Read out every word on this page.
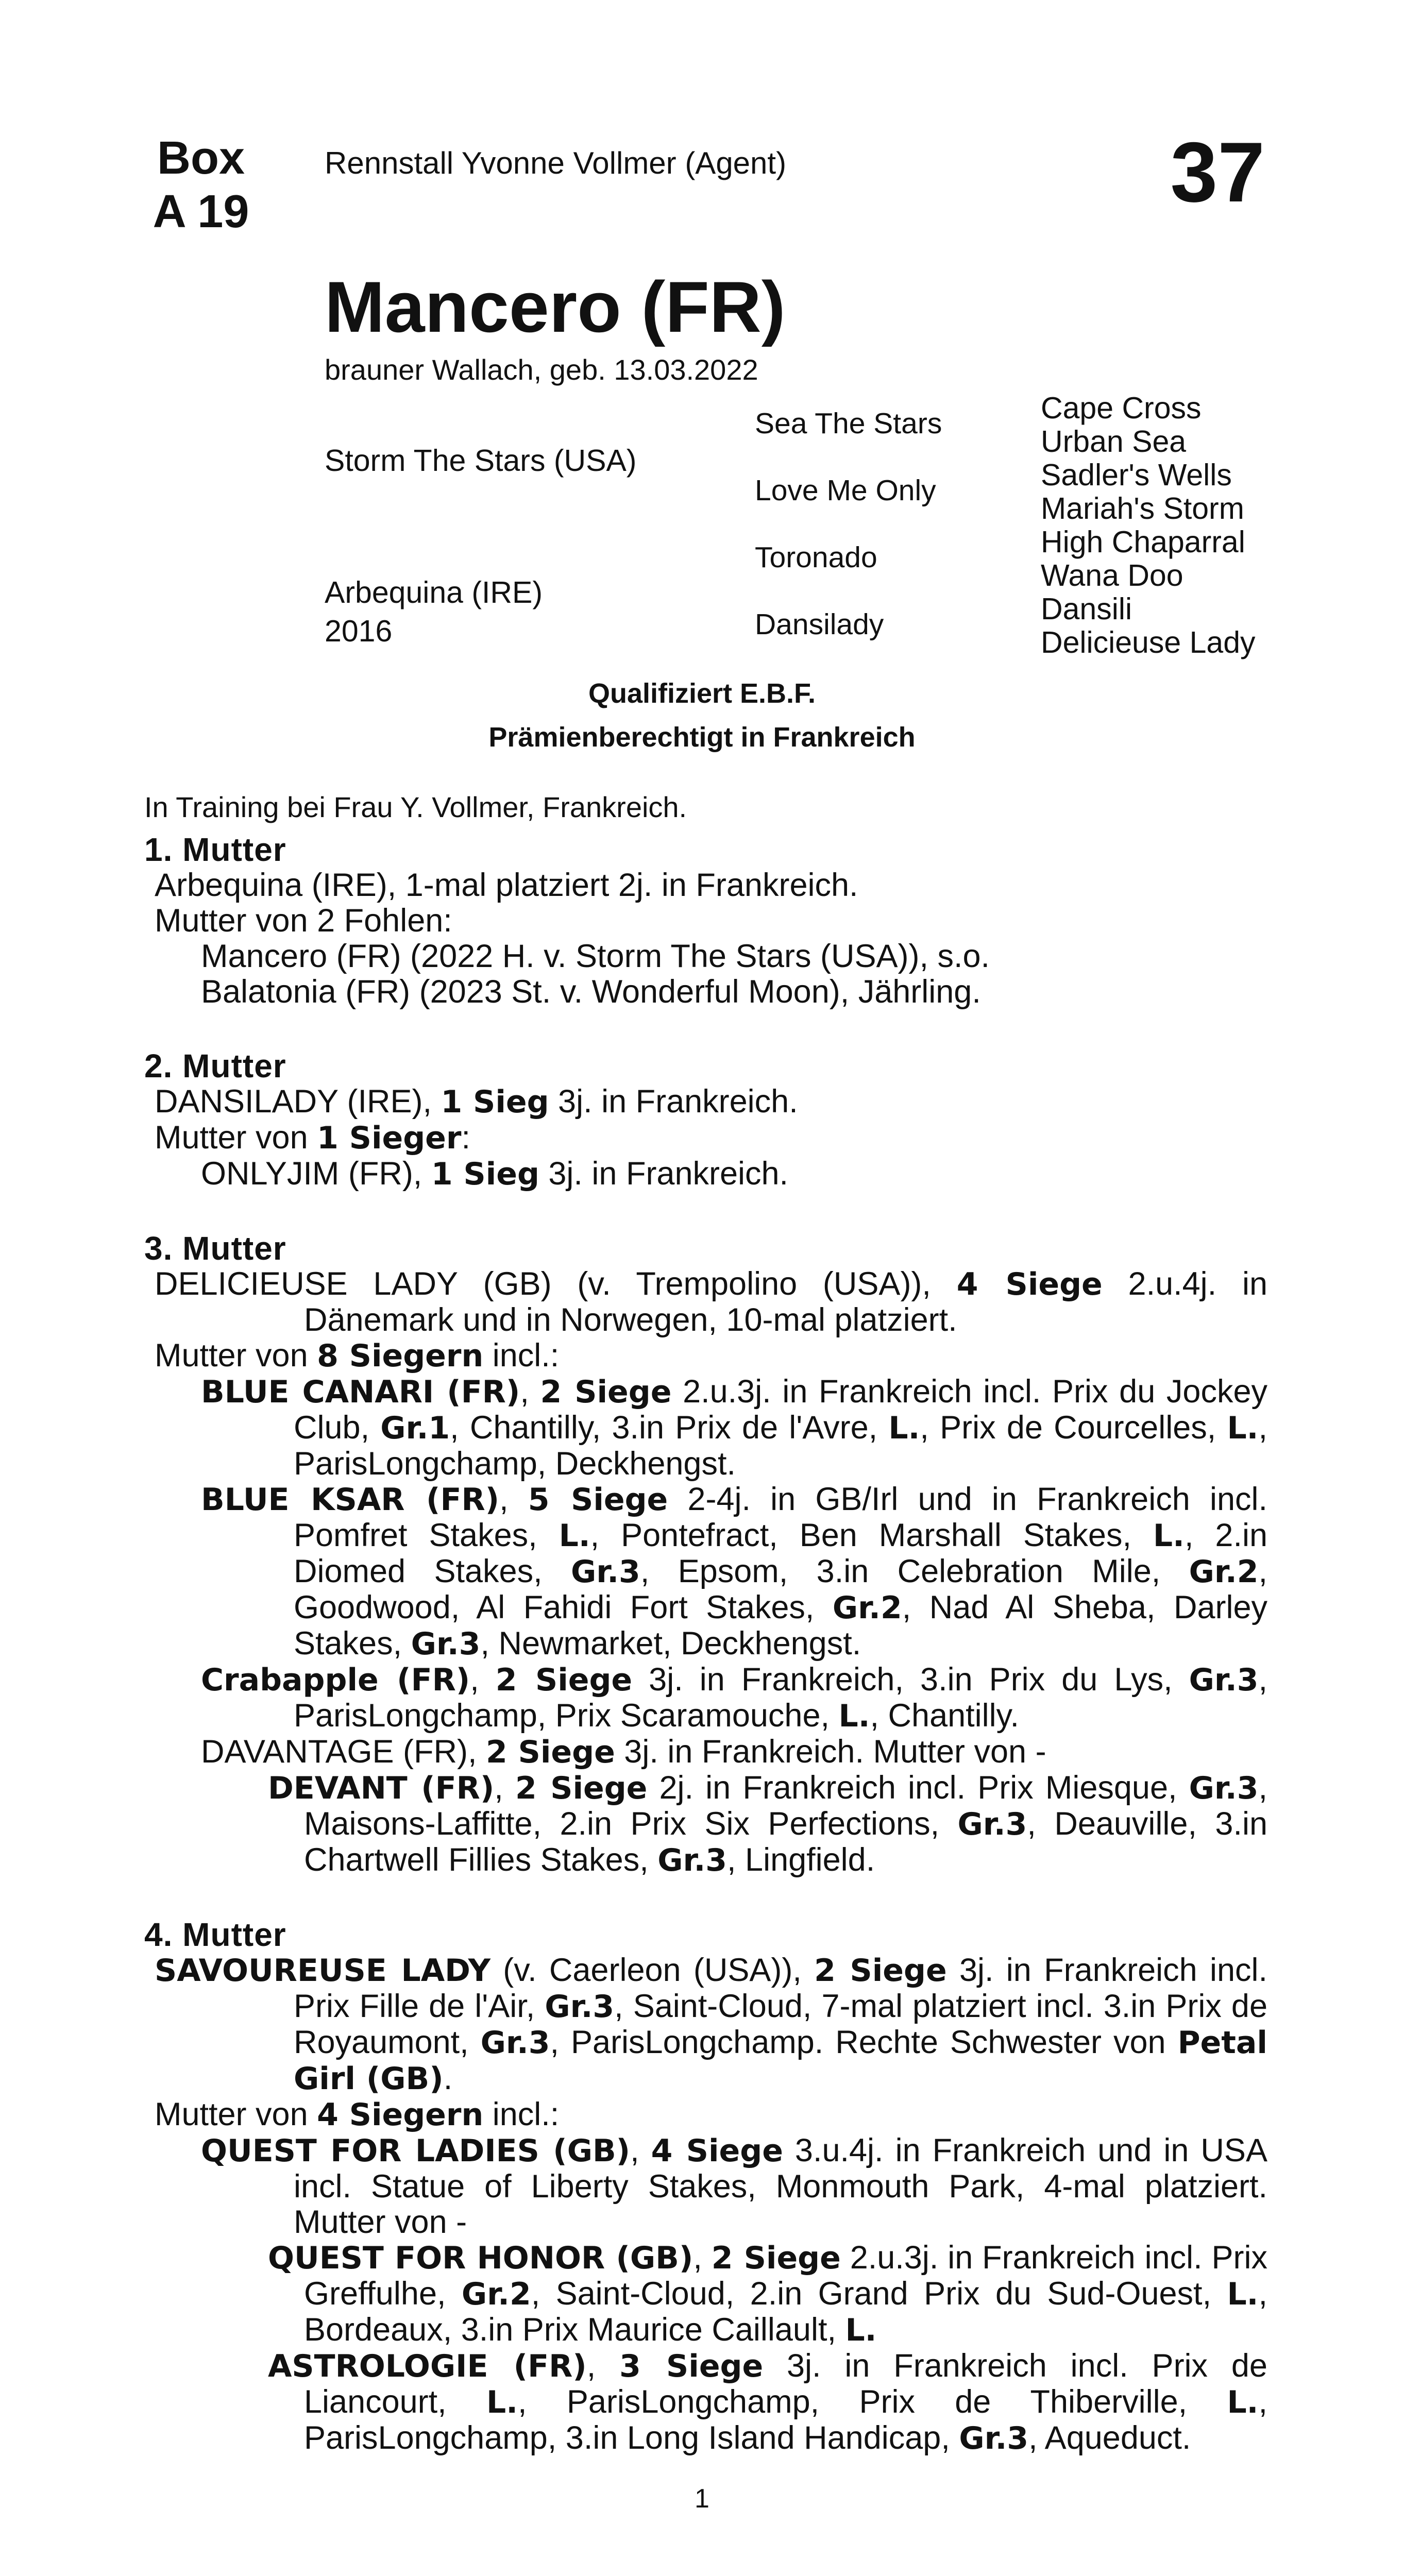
Box
A 19
Rennstall Yvonne Vollmer (Agent)	37
Mancero (FR)
brauner Wallach, geb. 13.03.2022
Storm The Stars (USA)
Arbequina (IRE)
2016
Sea The Stars
Love Me Only
Toronado
Dansilady
Cape Cross
Urban Sea
Sadler's Wells
Mariah's Storm
High Chaparral
Wana Doo
Dansili
Delicieuse Lady
Qualifiziert E.B.F.
Prämienberechtigt in Frankreich
In Training bei Frau Y. Vollmer, Frankreich.

1. Mutter

Arbequina (IRE), 1-mal platziert 2j. in Frankreich.

Mutter von 2 Fohlen:

Mancero (FR) (2022 H. v. Storm The Stars (USA)), s.o.

Balatonia (FR) (2023 St. v. Wonderful Moon), Jährling.

2. Mutter

DANSILADY (IRE), 1 Sieg 3j. in Frankreich.

Mutter von 1 Sieger:

ONLYJIM (FR), 1 Sieg 3j. in Frankreich.

3. Mutter

DELICIEUSE LADY (GB) (v. Trempolino (USA)), 4 Siege 2.u.4j. in Dänemark und in Norwegen, 10-mal platziert.

Mutter von 8 Siegern incl.:

BLUE CANARI (FR), 2 Siege 2.u.3j. in Frankreich incl. Prix du Jockey Club, Gr.1, Chantilly, 3.in Prix de l'Avre, L., Prix de Courcelles, L., ParisLongchamp, Deckhengst.

BLUE KSAR (FR), 5 Siege 2-4j. in GB/Irl und in Frankreich incl. Pomfret Stakes, L., Pontefract, Ben Marshall Stakes, L., 2.in Diomed Stakes, Gr.3, Epsom, 3.in Celebration Mile, Gr.2, Goodwood, Al Fahidi Fort Stakes, Gr.2, Nad Al Sheba, Darley Stakes, Gr.3, Newmarket, Deckhengst.

Crabapple (FR), 2 Siege 3j. in Frankreich, 3.in Prix du Lys, Gr.3, ParisLongchamp, Prix Scaramouche, L., Chantilly.

DAVANTAGE (FR), 2 Siege 3j. in Frankreich. Mutter von -

DEVANT (FR), 2 Siege 2j. in Frankreich incl. Prix Miesque, Gr.3, Maisons-Laffitte, 2.in Prix Six Perfections, Gr.3, Deauville, 3.in Chartwell Fillies Stakes, Gr.3, Lingfield.

4. Mutter

SAVOUREUSE LADY (v. Caerleon (USA)), 2 Siege 3j. in Frankreich incl. Prix Fille de l'Air, Gr.3, Saint-Cloud, 7-mal platziert incl. 3.in Prix de Royaumont, Gr.3, ParisLongchamp. Rechte Schwester von Petal Girl (GB).

Mutter von 4 Siegern incl.:

QUEST FOR LADIES (GB), 4 Siege 3.u.4j. in Frankreich und in USA incl. Statue of Liberty Stakes, Monmouth Park, 4-mal platziert. Mutter von -

QUEST FOR HONOR (GB), 2 Siege 2.u.3j. in Frankreich incl. Prix Greffulhe, Gr.2, Saint-Cloud, 2.in Grand Prix du Sud-Ouest, L., Bordeaux, 3.in Prix Maurice Caillault, L.

ASTROLOGIE (FR), 3 Siege 3j. in Frankreich incl. Prix de Liancourt, L., ParisLongchamp, Prix de Thiberville, L., ParisLongchamp, 3.in Long Island Handicap, Gr.3, Aqueduct.

1
